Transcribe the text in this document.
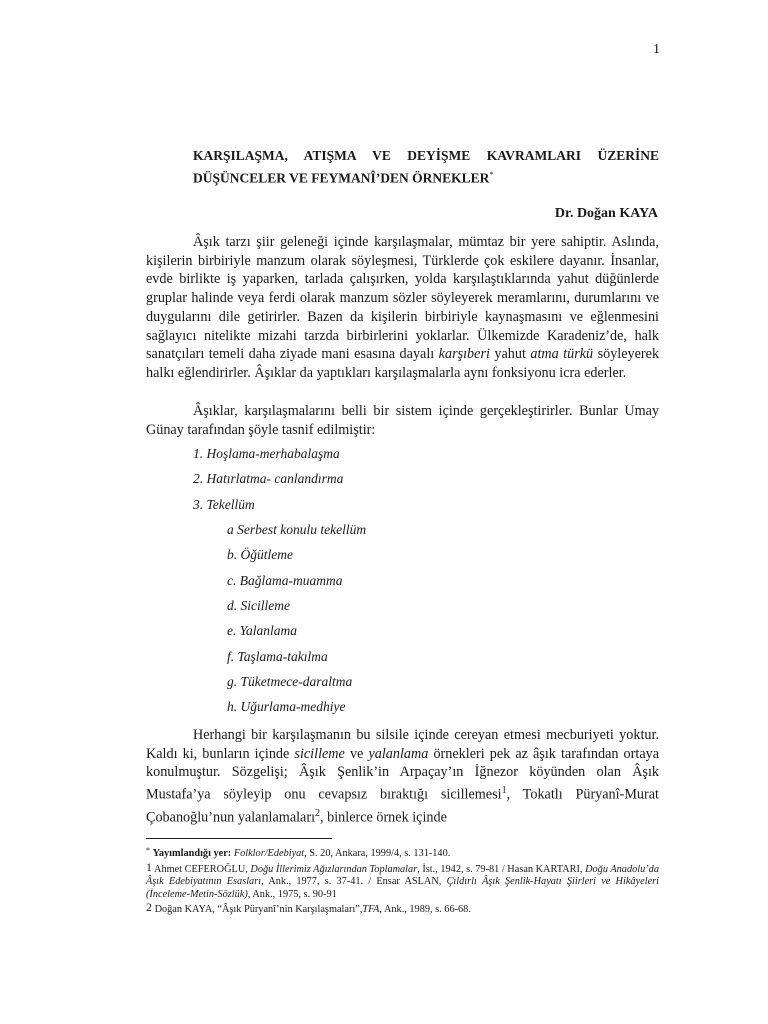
1
KARŞILAŞMA, ATIŞMA VE DEYİŞME KAVRAMLARI ÜZERİNE DÜŞÜNCELER VE FEYMANÎ’DEN ÖRNEKLER*
Dr. Doğan KAYA
Âşık tarzı şiir geleneği içinde karşılaşmalar, mümtaz bir yere sahiptir. Aslında, kişilerin birbiriyle manzum olarak söyleşmesi, Türklerde çok eskilere dayanır. İnsanlar, evde birlikte iş yaparken, tarlada çalışırken, yolda karşılaştıklarında yahut düğünlerde gruplar halinde veya ferdi olarak manzum sözler söyleyerek meramlarını, durumlarını ve duygularını dile getirirler. Bazen da kişilerin birbiriyle kaynaşmasını ve eğlenmesini sağlayıcı nitelikte mizahi tarzda birbirlerini yoklarlar. Ülkemizde Karadeniz’de, halk sanatçıları temeli daha ziyade mani esasına dayalı karşıberi yahut atma türkü söyleyerek halkı eğlendirirler. Âşıklar da yaptıkları karşılaşmalarla aynı fonksiyonu icra ederler.
Âşıklar, karşılaşmalarını belli bir sistem içinde gerçekleştirirler. Bunlar Umay Günay tarafından şöyle tasnif edilmiştir:
1. Hoşlama-merhabalaşma
2. Hatırlatma- canlandırma
3. Tekellüm
a Serbest konulu tekellüm
b. Öğütleme
c. Bağlama-muamma
d. Sicilleme
e. Yalanlama
f. Taşlama-takılma
g. Tüketmece-daraltma
h. Uğurlama-medhiye
Herhangi bir karşılaşmanın bu silsile içinde cereyan etmesi mecburiyeti yoktur. Kaldı ki, bunların içinde sicilleme ve yalanlama örnekleri pek az âşık tarafından ortaya konulmuştur. Sözgelişi; Âşık Şenlik’in Arpaçay’ın İğnezor köyünden olan Âşık Mustafa’ya söyleyip onu cevapsız bıraktığı sicillemesi$^1$, Tokatlı Püryanî-Murat Çobanoğlu’nun yalanlamaları$^2$, binlerce örnek içinde

* Yayımlandığı yer: Folklor/Edebiyat, S. 20, Ankara, 1999/4, s. 131-140.

1 Ahmet CEFEROĞLU, Doğu İllerimiz Ağızlarından Toplamalar, İst., 1942, s. 79-81 / Hasan KARTARI, Doğu Anadolu’da Âşık Edebiyatının Esasları, Ank., 1977, s. 37-41. / Ensar ASLAN, Çıldırlı Âşık Şenlik-Hayatı Şiirleri ve Hikâyeleri (İnceleme-Metin-Sözlük), Ank., 1975, s. 90-91

2 Doğan KAYA, “Âşık Püryanî’nin Karşılaşmaları”,TFA, Ank., 1989, s. 66-68.
